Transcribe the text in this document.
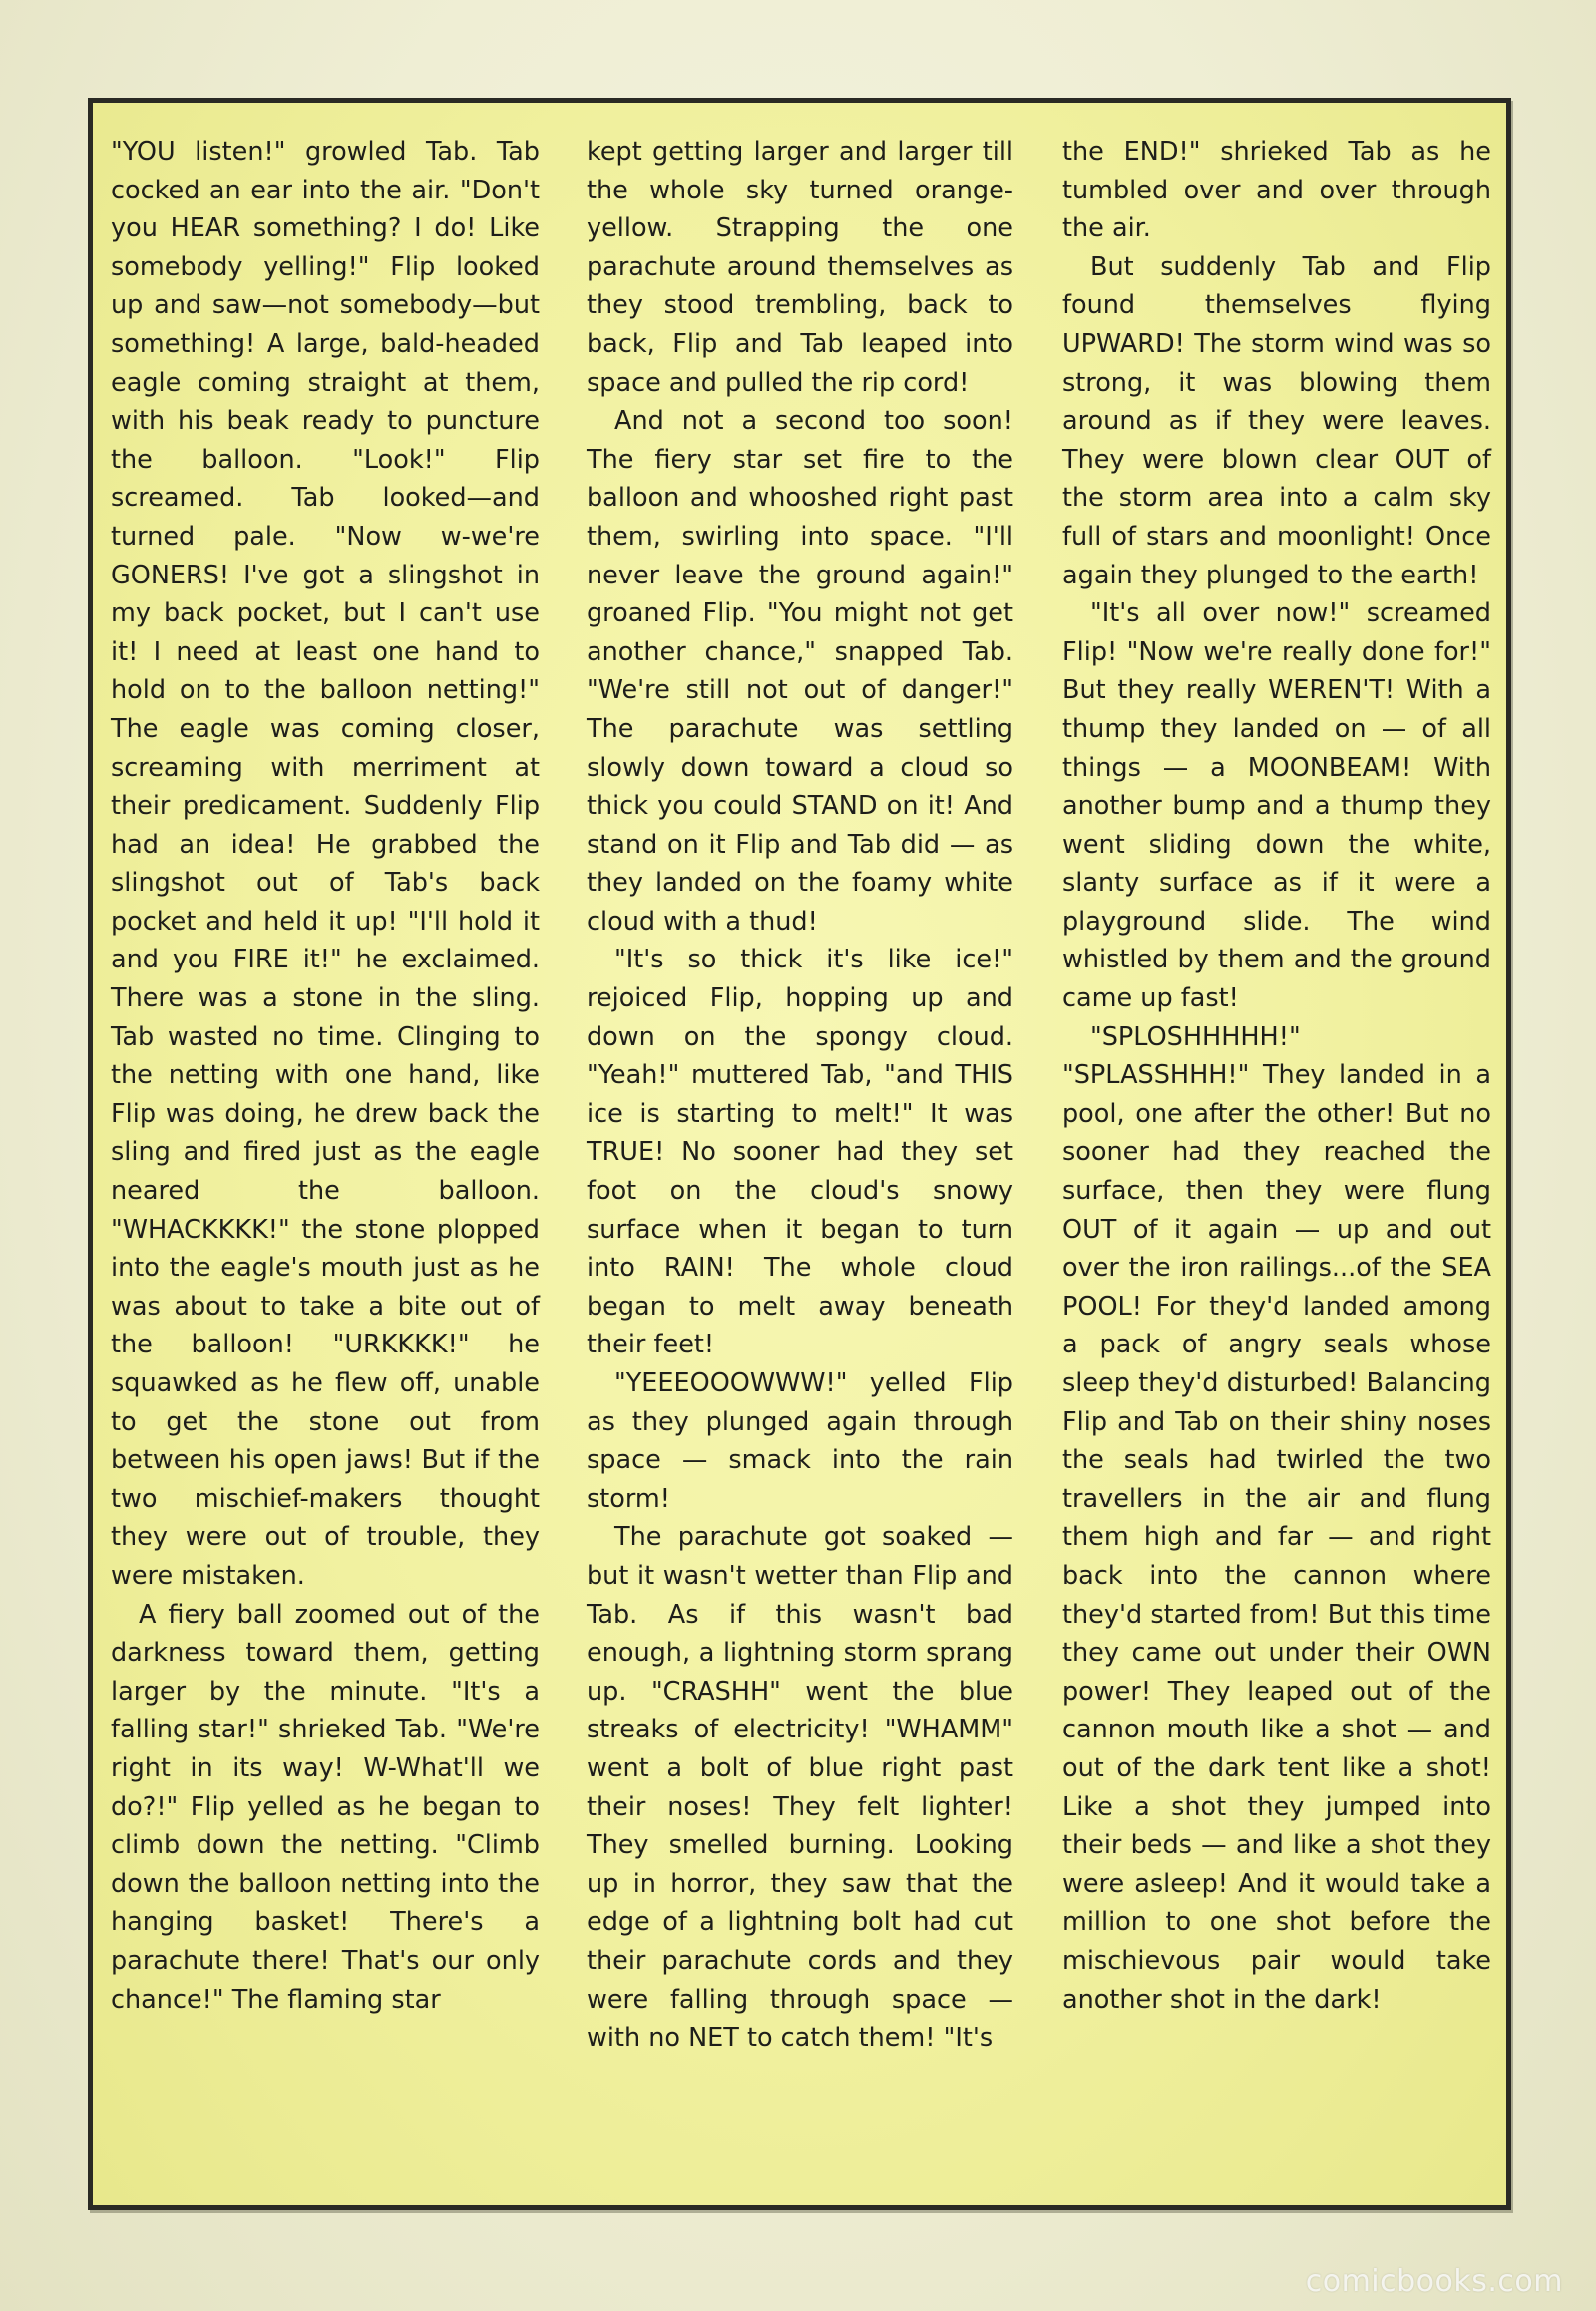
"YOU listen!" growled Tab. Tab cocked an ear into the air. "Don't you HEAR something? I do! Like somebody yelling!" Flip looked up and saw—not somebody—but something! A large, bald-headed eagle coming straight at them, with his beak ready to puncture the balloon. "Look!" Flip screamed. Tab looked—and turned pale. "Now w-we're GONERS! I've got a slingshot in my back pocket, but I can't use it! I need at least one hand to hold on to the balloon netting!" The eagle was coming closer, screaming with merriment at their predicament. Suddenly Flip had an idea! He grabbed the slingshot out of Tab's back pocket and held it up! "I'll hold it and you FIRE it!" he exclaimed. There was a stone in the sling. Tab wasted no time. Clinging to the netting with one hand, like Flip was doing, he drew back the sling and fired just as the eagle neared the balloon. "WHACKKKK!" the stone plopped into the eagle's mouth just as he was about to take a bite out of the balloon! "URKKKK!" he squawked as he flew off, unable to get the stone out from between his open jaws! But if the two mischief-makers thought they were out of trouble, they were mistaken.

A fiery ball zoomed out of the darkness toward them, getting larger by the minute. "It's a falling star!" shrieked Tab. "We're right in its way! W-What'll we do?!" Flip yelled as he began to climb down the netting. "Climb down the balloon netting into the hanging basket! There's a parachute there! That's our only chance!" The flaming star

kept getting larger and larger till the whole sky turned orange-yellow. Strapping the one parachute around themselves as they stood trembling, back to back, Flip and Tab leaped into space and pulled the rip cord!

And not a second too soon! The fiery star set fire to the balloon and whooshed right past them, swirling into space. "I'll never leave the ground again!" groaned Flip. "You might not get another chance," snapped Tab. "We're still not out of danger!" The parachute was settling slowly down toward a cloud so thick you could STAND on it! And stand on it Flip and Tab did — as they landed on the foamy white cloud with a thud!

"It's so thick it's like ice!" rejoiced Flip, hopping up and down on the spongy cloud. "Yeah!" muttered Tab, "and THIS ice is starting to melt!" It was TRUE! No sooner had they set foot on the cloud's snowy surface when it began to turn into RAIN! The whole cloud began to melt away beneath their feet!

"YEEEOOOWWW!" yelled Flip as they plunged again through space — smack into the rain storm!

The parachute got soaked — but it wasn't wetter than Flip and Tab. As if this wasn't bad enough, a lightning storm sprang up. "CRASHH" went the blue streaks of electricity! "WHAMM" went a bolt of blue right past their noses! They felt lighter! They smelled burning. Looking up in horror, they saw that the edge of a lightning bolt had cut their parachute cords and they were falling through space — with no NET to catch them! "It's

the END!" shrieked Tab as he tumbled over and over through the air.

But suddenly Tab and Flip found themselves flying UPWARD! The storm wind was so strong, it was blowing them around as if they were leaves. They were blown clear OUT of the storm area into a calm sky full of stars and moonlight! Once again they plunged to the earth!

"It's all over now!" screamed Flip! "Now we're really done for!" But they really WEREN'T! With a thump they landed on — of all things — a MOONBEAM! With another bump and a thump they went sliding down the white, slanty surface as if it were a playground slide. The wind whistled by them and the ground came up fast!

"SPLOSHHHHH!" "SPLASSHHH!" They landed in a pool, one after the other! But no sooner had they reached the surface, then they were flung OUT of it again — up and out over the iron railings...of the SEA POOL! For they'd landed among a pack of angry seals whose sleep they'd disturbed! Balancing Flip and Tab on their shiny noses the seals had twirled the two travellers in the air and flung them high and far — and right back into the cannon where they'd started from! But this time they came out under their OWN power! They leaped out of the cannon mouth like a shot — and out of the dark tent like a shot! Like a shot they jumped into their beds — and like a shot they were asleep! And it would take a million to one shot before the mischievous pair would take another shot in the dark!

comicbooks.com
